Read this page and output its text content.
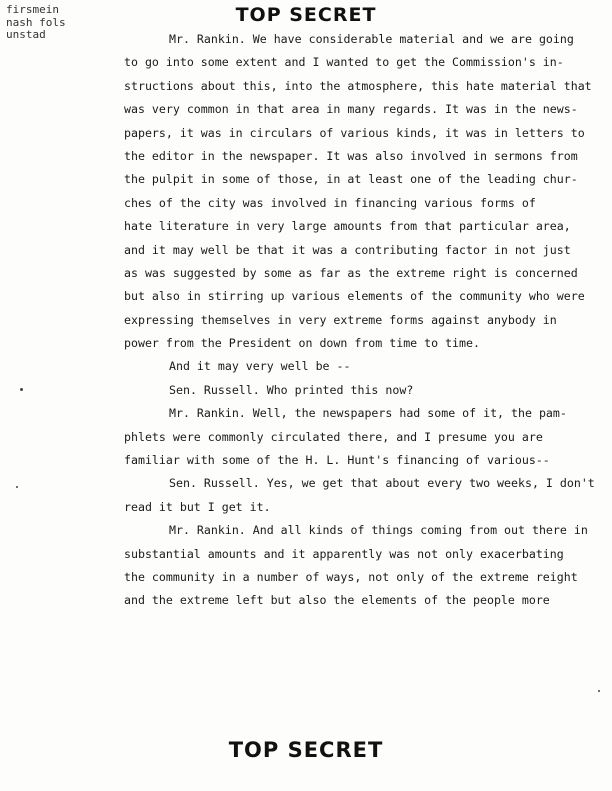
TOP SECRET
firsmein
nash fols
unstad	Mr. Rankin. We have considerable material and we are going
to go into some extent and I wanted to get the Commission's in-
structions about this, into the atmosphere, this hate material that
was very common in that area in many regards. It was in the news-
papers, it was in circulars of various kinds, it was in letters to
the editor in the newspaper. It was also involved in sermons from
the pulpit in some of those, in at least one of the leading chur-
ches of the city was involved in financing various forms of
hate literature in very large amounts from that particular area,
and it may well be that it was a contributing factor in not just
as was suggested by some as far as the extreme right is concerned
but also in stirring up various elements of the community who were
expressing themselves in very extreme forms against anybody in
power from the President on down from time to time.
And it may very well be --
Sen. Russell. Who printed this now?
Mr. Rankin. Well, the newspapers had some of it, the pam-
phlets were commonly circulated there, and I presume you are
familiar with some of the H. L. Hunt's financing of various--
Sen. Russell. Yes, we get that about every two weeks, I don't
read it but I get it.
Mr. Rankin. And all kinds of things coming from out there in
substantial amounts and it apparently was not only exacerbating
the community in a number of ways, not only of the extreme reight
and the extreme left but also the elements of the people more
TOP SECRET
